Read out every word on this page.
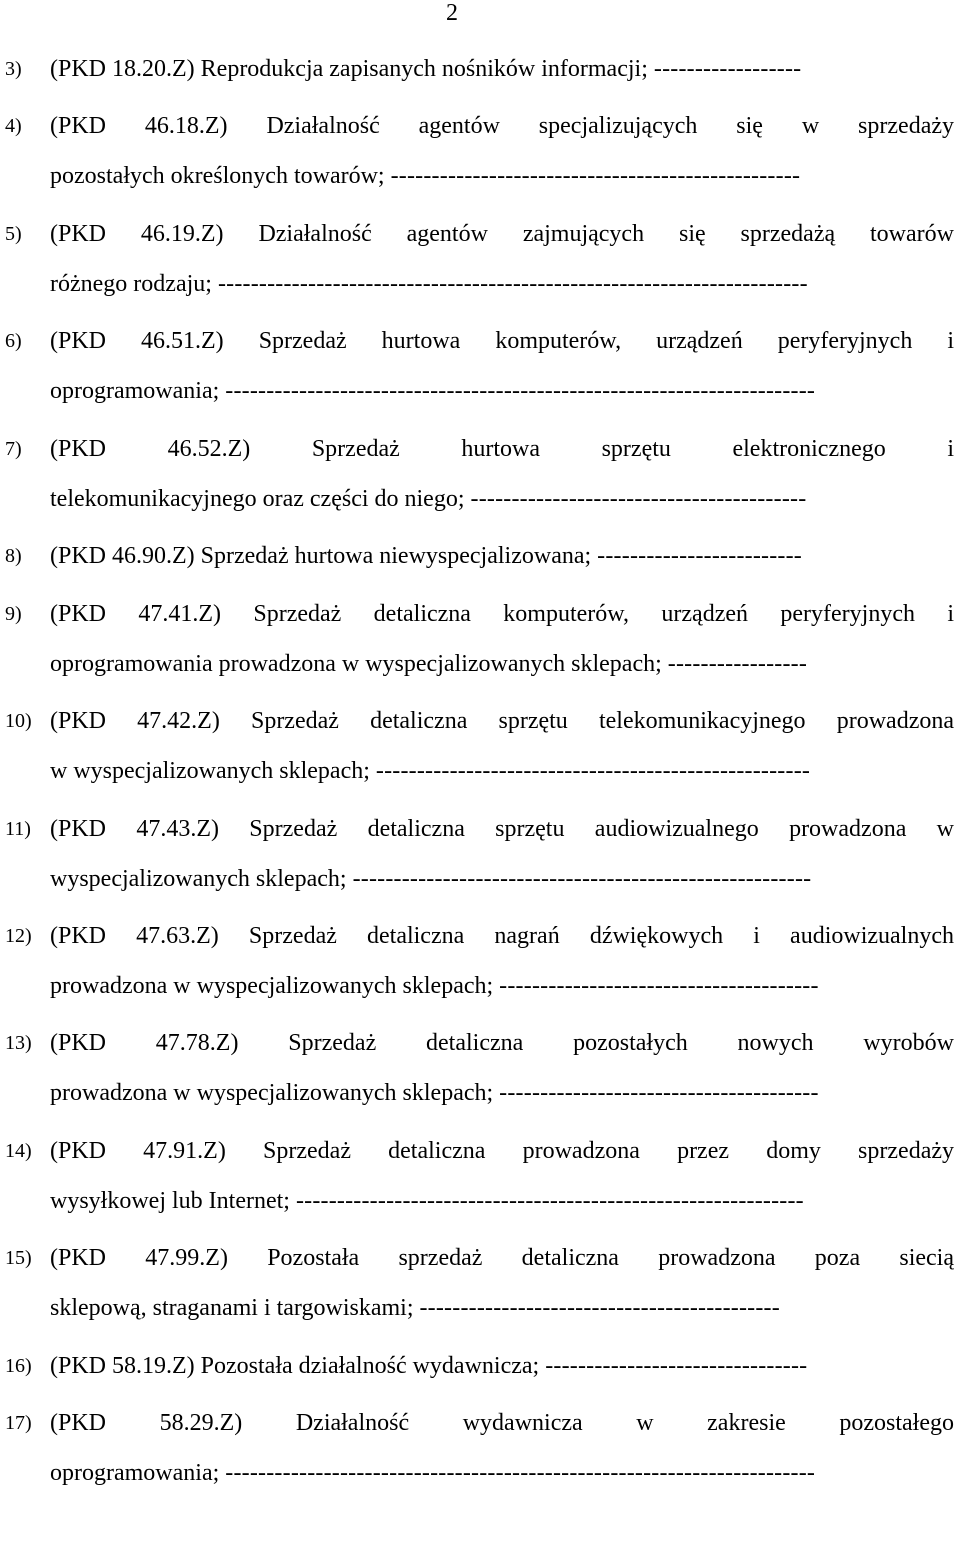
2
3) (PKD 18.20.Z) Reprodukcja zapisanych nośników informacji; ------------------
4) (PKD 46.18.Z) Działalność agentów specjalizujących się w sprzedaży
pozostałych określonych towarów; --------------------------------------------------
5) (PKD 46.19.Z) Działalność agentów zajmujących się sprzedażą towarów
różnego rodzaju; ------------------------------------------------------------------------
6) (PKD 46.51.Z) Sprzedaż hurtowa komputerów, urządzeń peryferyjnych i
oprogramowania; ------------------------------------------------------------------------
7) (PKD 46.52.Z) Sprzedaż hurtowa sprzętu elektronicznego i
telekomunikacyjnego oraz części do niego; -----------------------------------------
8) (PKD 46.90.Z) Sprzedaż hurtowa niewyspecjalizowana; -------------------------
9) (PKD 47.41.Z) Sprzedaż detaliczna komputerów, urządzeń peryferyjnych i
oprogramowania prowadzona w wyspecjalizowanych sklepach; -----------------
10) (PKD 47.42.Z) Sprzedaż detaliczna sprzętu telekomunikacyjnego prowadzona
w wyspecjalizowanych sklepach; -----------------------------------------------------
11) (PKD 47.43.Z) Sprzedaż detaliczna sprzętu audiowizualnego prowadzona w
wyspecjalizowanych sklepach; --------------------------------------------------------
12) (PKD 47.63.Z) Sprzedaż detaliczna nagrań dźwiękowych i audiowizualnych
prowadzona w wyspecjalizowanych sklepach; ---------------------------------------
13) (PKD 47.78.Z) Sprzedaż detaliczna pozostałych nowych wyrobów
prowadzona w wyspecjalizowanych sklepach; ---------------------------------------
14) (PKD 47.91.Z) Sprzedaż detaliczna prowadzona przez domy sprzedaży
wysyłkowej lub Internet; --------------------------------------------------------------
15) (PKD 47.99.Z) Pozostała sprzedaż detaliczna prowadzona poza siecią
sklepową, straganami i targowiskami; --------------------------------------------
16) (PKD 58.19.Z) Pozostała działalność wydawnicza; --------------------------------
17) (PKD 58.29.Z) Działalność wydawnicza w zakresie pozostałego
oprogramowania; ------------------------------------------------------------------------
